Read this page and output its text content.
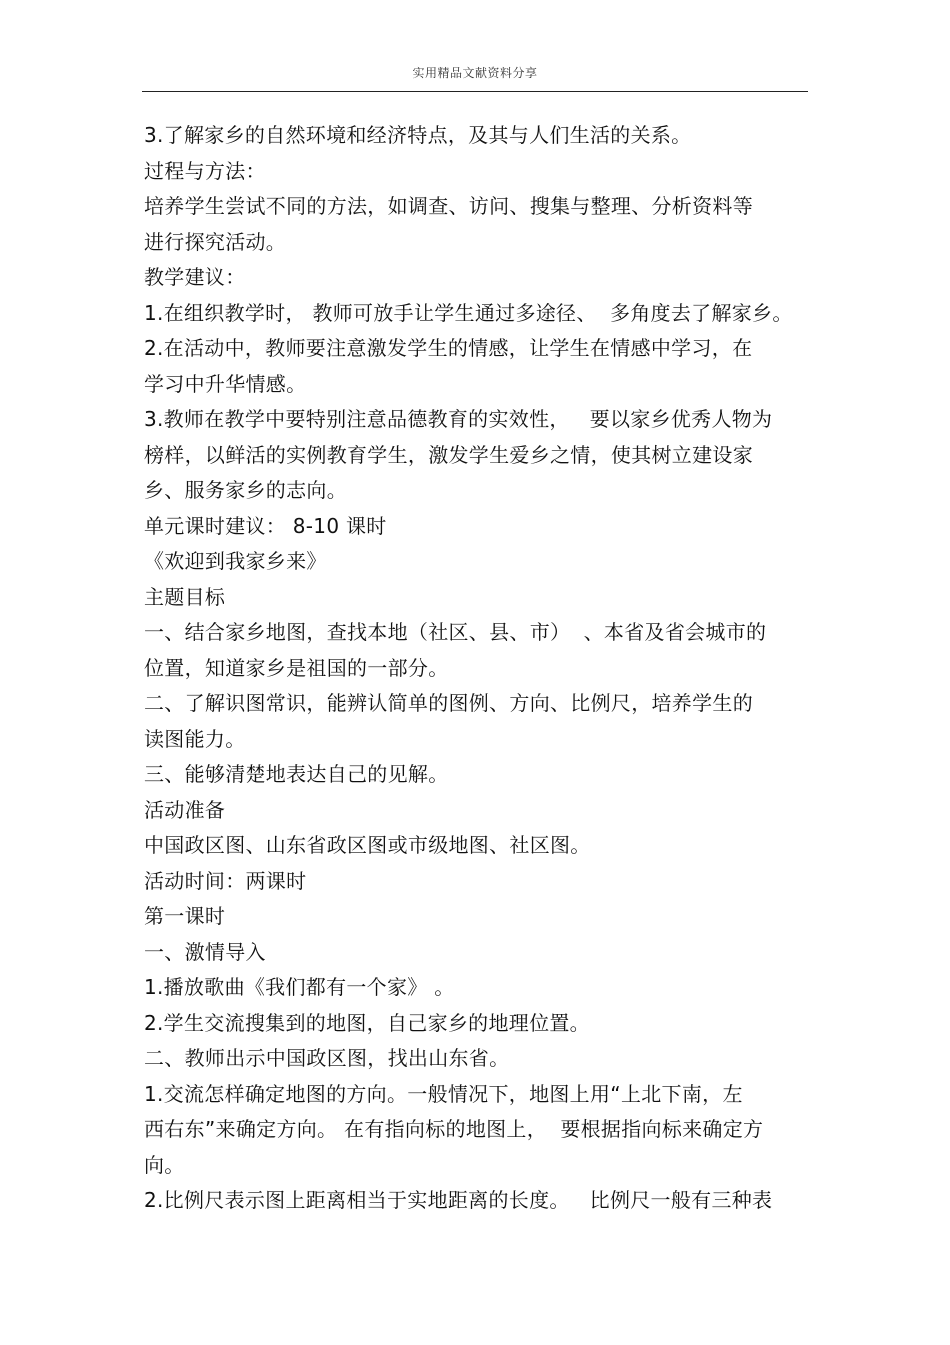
实用精品文献资料分享
3.了解家乡的自然环境和经济特点，及其与人们生活的关系。
过程与方法：
培养学生尝试不同的方法，如调查、访问、搜集与整理、分析资料等
进行探究活动。
教学建议：
1.在组织教学时， 教师可放手让学生通过多途径、  多角度去了解家乡。
2.在活动中，教师要注意激发学生的情感，让学生在情感中学习，在
学习中升华情感。
3.教师在教学中要特别注意品德教育的实效性，   要以家乡优秀人物为
榜样，以鲜活的实例教育学生，激发学生爱乡之情，使其树立建设家
乡、服务家乡的志向。
单元课时建议： 8-10 课时
《欢迎到我家乡来》
主题目标
一、结合家乡地图，查找本地（社区、县、市）  、本省及省会城市的
位置，知道家乡是祖国的一部分。
二、了解识图常识，能辨认简单的图例、方向、比例尺，培养学生的
读图能力。
三、能够清楚地表达自己的见解。
活动准备
中国政区图、山东省政区图或市级地图、社区图。
活动时间：两课时
第一课时
一、激情导入
1.播放歌曲《我们都有一个家》 。
2.学生交流搜集到的地图，自己家乡的地理位置。
二、教师出示中国政区图，找出山东省。
1.交流怎样确定地图的方向。一般情况下，地图上用“上北下南，左
西右东”来确定方向。 在有指向标的地图上，  要根据指向标来确定方
向。
2.比例尺表示图上距离相当于实地距离的长度。   比例尺一般有三种表
